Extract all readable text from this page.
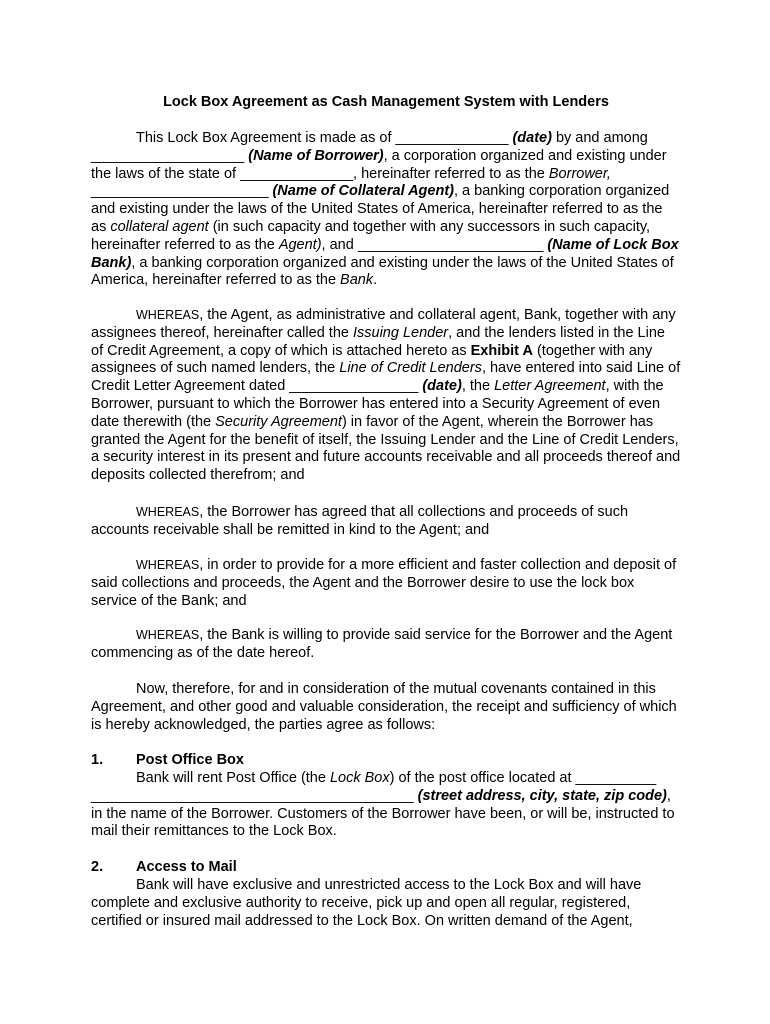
Lock Box Agreement as Cash Management System with Lenders

This Lock Box Agreement is made as of ______________ (date) by and among ___________________ (Name of Borrower), a corporation organized and existing under the laws of the state of ______________, hereinafter referred to as the Borrower, ______________________ (Name of Collateral Agent), a banking corporation organized and existing under the laws of the United States of America, hereinafter referred to as the as collateral agent (in such capacity and together with any successors in such capacity, hereinafter referred to as the Agent), and _______________________ (Name of Lock Box Bank), a banking corporation organized and existing under the laws of the United States of America, hereinafter referred to as the Bank.

WHEREAS, the Agent, as administrative and collateral agent, Bank, together with any assignees thereof, hereinafter called the Issuing Lender, and the lenders listed in the Line of Credit Agreement, a copy of which is attached hereto as Exhibit A (together with any assignees of such named lenders, the Line of Credit Lenders, have entered into said Line of Credit Letter Agreement dated ________________ (date), the Letter Agreement, with the Borrower, pursuant to which the Borrower has entered into a Security Agreement of even date therewith (the Security Agreement) in favor of the Agent, wherein the Borrower has granted the Agent for the benefit of itself, the Issuing Lender and the Line of Credit Lenders, a security interest in its present and future accounts receivable and all proceeds thereof and deposits collected therefrom; and

WHEREAS, the Borrower has agreed that all collections and proceeds of such accounts receivable shall be remitted in kind to the Agent; and

WHEREAS, in order to provide for a more efficient and faster collection and deposit of said collections and proceeds, the Agent and the Borrower desire to use the lock box service of the Bank; and

WHEREAS, the Bank is willing to provide said service for the Borrower and the Agent commencing as of the date hereof.

Now, therefore, for and in consideration of the mutual covenants contained in this Agreement, and other good and valuable consideration, the receipt and sufficiency of which is hereby acknowledged, the parties agree as follows:

1. Post Office Box

Bank will rent Post Office (the Lock Box) of the post office located at __________ ________________________________________ (street address, city, state, zip code), in the name of the Borrower. Customers of the Borrower have been, or will be, instructed to mail their remittances to the Lock Box.

2. Access to Mail

Bank will have exclusive and unrestricted access to the Lock Box and will have complete and exclusive authority to receive, pick up and open all regular, registered, certified or insured mail addressed to the Lock Box. On written demand of the Agent,
